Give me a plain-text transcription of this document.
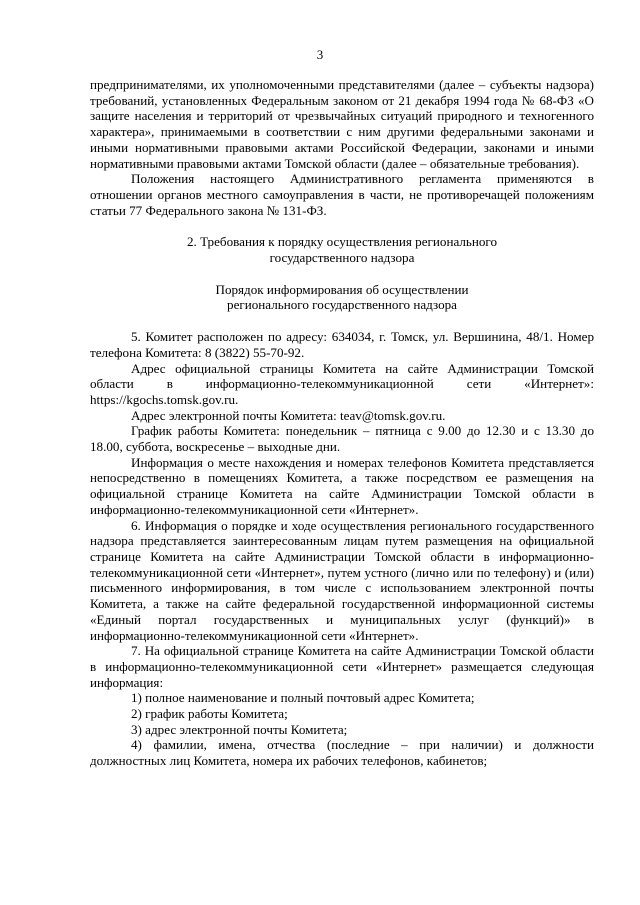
3

предпринимателями, их уполномоченными представителями (далее – субъекты надзора) требований, установленных Федеральным законом от 21 декабря 1994 года № 68-ФЗ «О защите населения и территорий от чрезвычайных ситуаций природного и техногенного характера», принимаемыми в соответствии с ним другими федеральными законами и иными нормативными правовыми актами Российской Федерации, законами и иными нормативными правовыми актами Томской области (далее – обязательные требования).

Положения настоящего Административного регламента применяются в отношении органов местного самоуправления в части, не противоречащей положениям статьи 77 Федерального закона № 131-ФЗ.

2. Требования к порядку осуществления регионального

государственного надзора

Порядок информирования об осуществлении

регионального государственного надзора

5. Комитет расположен по адресу: 634034, г. Томск, ул. Вершинина, 48/1. Номер телефона Комитета: 8 (3822) 55-70-92.

Адрес официальной страницы Комитета на сайте Администрации Томской области в информационно-телекоммуникационной сети «Интернет»: https://kgochs.tomsk.gov.ru.

Адрес электронной почты Комитета: teav@tomsk.gov.ru.

График работы Комитета: понедельник – пятница с 9.00 до 12.30 и с 13.30 до 18.00, суббота, воскресенье – выходные дни.

Информация о месте нахождения и номерах телефонов Комитета представляется непосредственно в помещениях Комитета, а также посредством ее размещения на официальной странице Комитета на сайте Администрации Томской области в информационно-телекоммуникационной сети «Интернет».

6. Информация о порядке и ходе осуществления регионального государственного надзора представляется заинтересованным лицам путем размещения на официальной странице Комитета на сайте Администрации Томской области в информационно-телекоммуникационной сети «Интернет», путем устного (лично или по телефону) и (или) письменного информирования, в том числе с использованием электронной почты Комитета, а также на сайте федеральной государственной информационной системы «Единый портал государственных и муниципальных услуг (функций)» в информационно-телекоммуникационной сети «Интернет».

7. На официальной странице Комитета на сайте Администрации Томской области в информационно-телекоммуникационной сети «Интернет» размещается следующая информация:

1) полное наименование и полный почтовый адрес Комитета;

2) график работы Комитета;

3) адрес электронной почты Комитета;

4) фамилии, имена, отчества (последние – при наличии) и должности должностных лиц Комитета, номера их рабочих телефонов, кабинетов;
